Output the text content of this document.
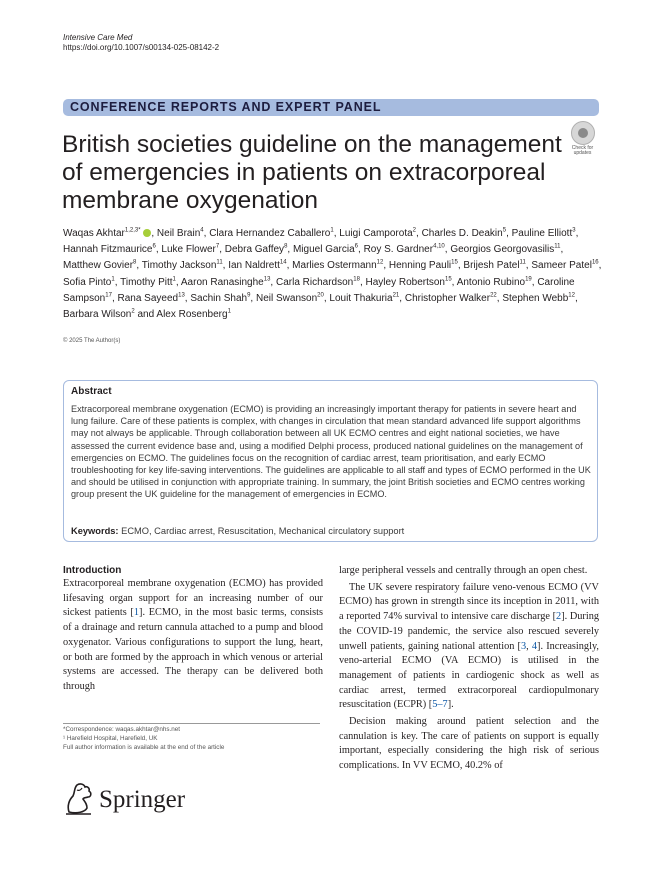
Intensive Care Med
https://doi.org/10.1007/s00134-025-08142-2
CONFERENCE REPORTS AND EXPERT PANEL
British societies guideline on the management of emergencies in patients on extracorporeal membrane oxygenation
Check for updates
Waqas Akhtar$^{1,2,3*}$ , Neil Brain$^4$, Clara Hernandez Caballero$^1$, Luigi Camporota$^2$, Charles D. Deakin$^5$, Pauline Elliott$^3$, Hannah Fitzmaurice$^6$, Luke Flower$^7$, Debra Gaffey$^8$, Miguel Garcia$^6$, Roy S. Gardner$^{4,10}$, Georgios Georgovasilis$^{11}$, Matthew Govier$^8$, Timothy Jackson$^{11}$, Ian Naldrett$^{14}$, Marlies Ostermann$^{12}$, Henning Pauli$^{15}$, Brijesh Patel$^{11}$, Sameer Patel$^{16}$, Sofia Pinto$^1$, Timothy Pitt$^1$, Aaron Ranasinghe$^{13}$, Carla Richardson$^{18}$, Hayley Robertson$^{15}$, Antonio Rubino$^{19}$, Caroline Sampson$^{17}$, Rana Sayeed$^{13}$, Sachin Shah$^9$, Neil Swanson$^{20}$, Louit Thakuria$^{21}$, Christopher Walker$^{22}$, Stephen Webb$^{12}$, Barbara Wilson$^2$ and Alex Rosenberg$^1$
© 2025 The Author(s)
Abstract
Extracorporeal membrane oxygenation (ECMO) is providing an increasingly important therapy for patients in severe heart and lung failure. Care of these patients is complex, with changes in circulation that mean standard advanced life support algorithms may not always be applicable. Through collaboration between all UK ECMO centres and eight national societies, we have assessed the current evidence base and, using a modified Delphi process, produced national guidelines on the management of emergencies on ECMO. The guidelines focus on the recognition of cardiac arrest, team prioritisation, and early ECMO troubleshooting for key life-saving interventions. The guidelines are applicable to all staff and types of ECMO performed in the UK and should be utilised in conjunction with appropriate training. In summary, the joint British societies and ECMO centres working group present the UK guideline for the management of emergencies in ECMO.
Keywords: ECMO, Cardiac arrest, Resuscitation, Mechanical circulatory support
Introduction
Extracorporeal membrane oxygenation (ECMO) has provided lifesaving organ support for an increasing number of our sickest patients [1]. ECMO, in the most basic terms, consists of a drainage and return cannula attached to a pump and blood oxygenator. Various configurations to support the lung, heart, or both are formed by the approach in which venous or arterial systems are accessed. The therapy can be delivered both through

large peripheral vessels and centrally through an open chest.

The UK severe respiratory failure veno-venous ECMO (VV ECMO) has grown in strength since its inception in 2011, with a reported 74% survival to intensive care discharge [2]. During the COVID-19 pandemic, the service also rescued severely unwell patients, gaining national attention [3, 4]. Increasingly, veno-arterial ECMO (VA ECMO) is utilised in the management of patients in cardiogenic shock as well as cardiac arrest, termed extracorporeal cardiopulmonary resuscitation (ECPR) [5–7].

Decision making around patient selection and the cannulation is key. The care of patients on support is equally important, especially considering the high risk of serious complications. In VV ECMO, 40.2% of

*Correspondence: waqas.akhtar@nhs.net
¹ Harefield Hospital, Harefield, UK
Full author information is available at the end of the article
Springer
